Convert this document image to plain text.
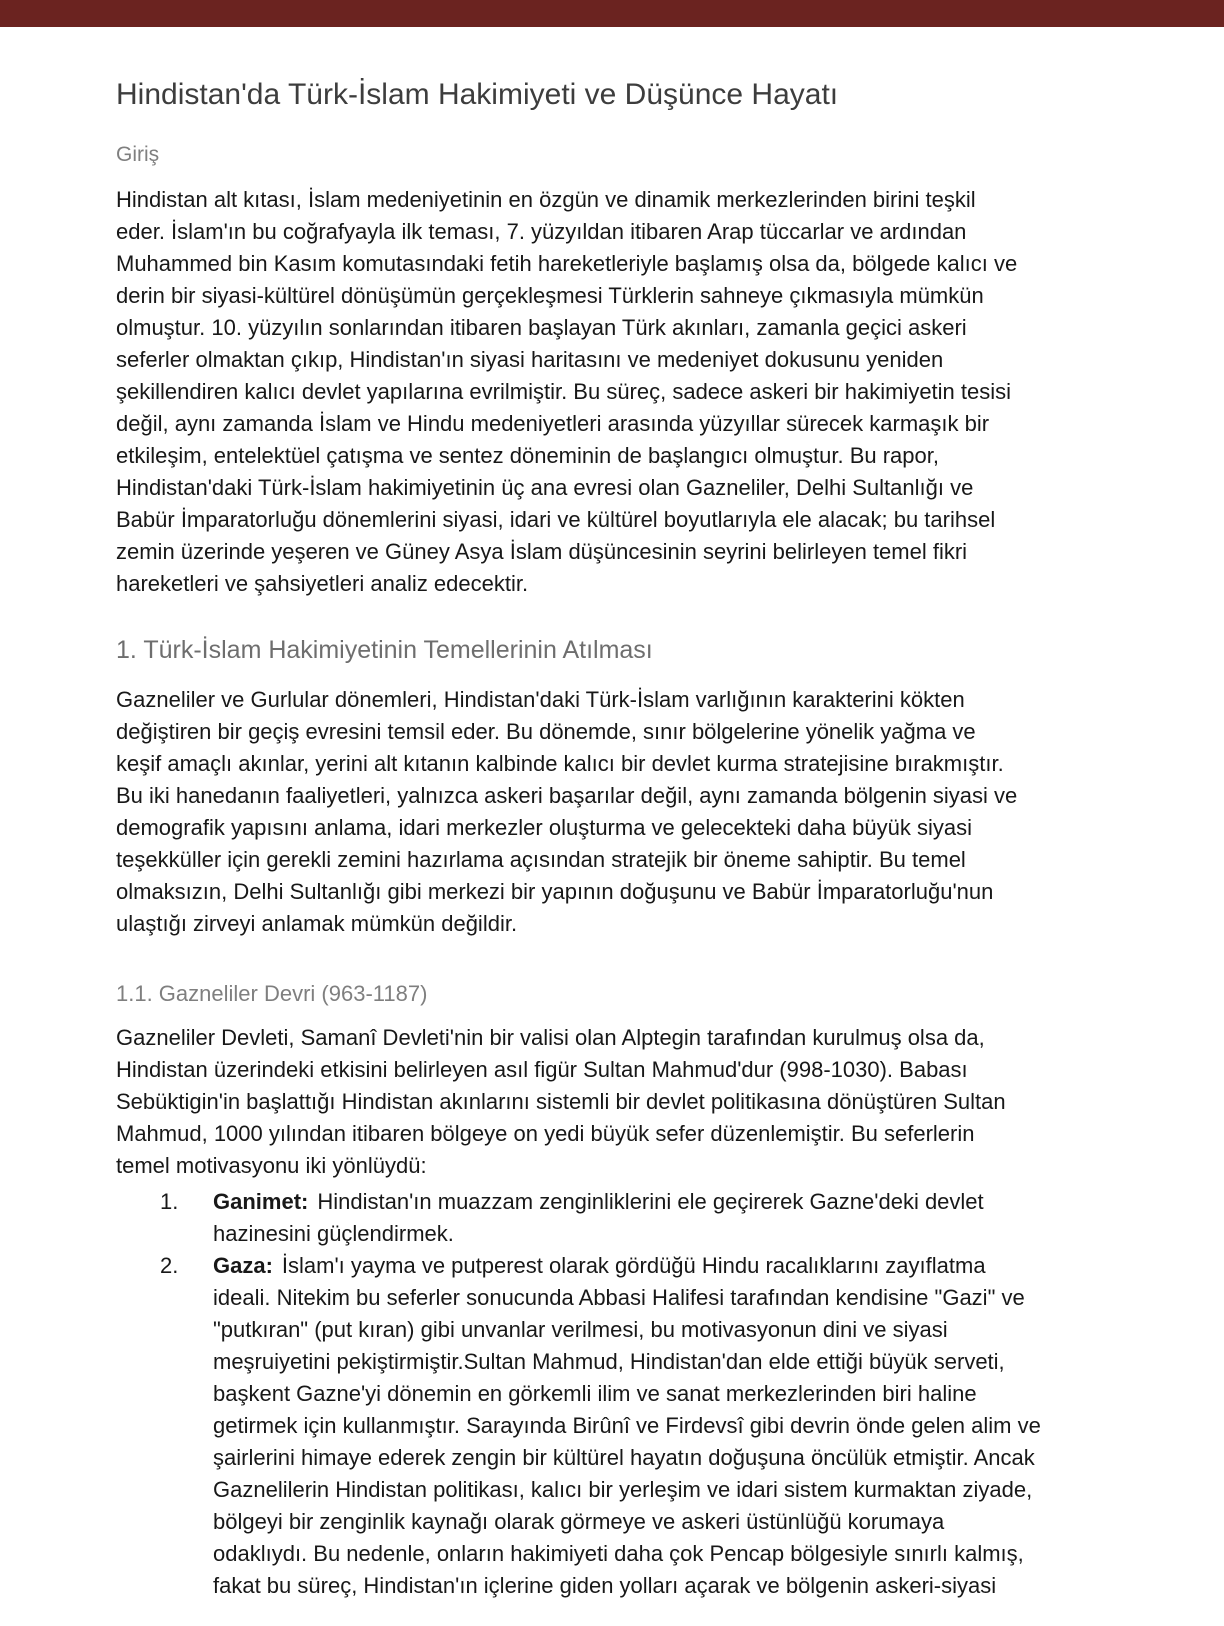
Hindistan'da Türk-İslam Hakimiyeti ve Düşünce Hayatı
Giriş
Hindistan alt kıtası, İslam medeniyetinin en özgün ve dinamik merkezlerinden birini teşkil
eder. İslam'ın bu coğrafyayla ilk teması, 7. yüzyıldan itibaren Arap tüccarlar ve ardından
Muhammed bin Kasım komutasındaki fetih hareketleriyle başlamış olsa da, bölgede kalıcı ve
derin bir siyasi-kültürel dönüşümün gerçekleşmesi Türklerin sahneye çıkmasıyla mümkün
olmuştur. 10. yüzyılın sonlarından itibaren başlayan Türk akınları, zamanla geçici askeri
seferler olmaktan çıkıp, Hindistan'ın siyasi haritasını ve medeniyet dokusunu yeniden
şekillendiren kalıcı devlet yapılarına evrilmiştir. Bu süreç, sadece askeri bir hakimiyetin tesisi
değil, aynı zamanda İslam ve Hindu medeniyetleri arasında yüzyıllar sürecek karmaşık bir
etkileşim, entelektüel çatışma ve sentez döneminin de başlangıcı olmuştur. Bu rapor,
Hindistan'daki Türk-İslam hakimiyetinin üç ana evresi olan Gazneliler, Delhi Sultanlığı ve
Babür İmparatorluğu dönemlerini siyasi, idari ve kültürel boyutlarıyla ele alacak; bu tarihsel
zemin üzerinde yeşeren ve Güney Asya İslam düşüncesinin seyrini belirleyen temel fikri
hareketleri ve şahsiyetleri analiz edecektir.
1. Türk-İslam Hakimiyetinin Temellerinin Atılması
Gazneliler ve Gurlular dönemleri, Hindistan'daki Türk-İslam varlığının karakterini kökten
değiştiren bir geçiş evresini temsil eder. Bu dönemde, sınır bölgelerine yönelik yağma ve
keşif amaçlı akınlar, yerini alt kıtanın kalbinde kalıcı bir devlet kurma stratejisine bırakmıştır.
Bu iki hanedanın faaliyetleri, yalnızca askeri başarılar değil, aynı zamanda bölgenin siyasi ve
demografik yapısını anlama, idari merkezler oluşturma ve gelecekteki daha büyük siyasi
teşekküller için gerekli zemini hazırlama açısından stratejik bir öneme sahiptir. Bu temel
olmaksızın, Delhi Sultanlığı gibi merkezi bir yapının doğuşunu ve Babür İmparatorluğu'nun
ulaştığı zirveyi anlamak mümkün değildir.
1.1. Gazneliler Devri (963-1187)
Gazneliler Devleti, Samanî Devleti'nin bir valisi olan Alptegin tarafından kurulmuş olsa da,
Hindistan üzerindeki etkisini belirleyen asıl figür Sultan Mahmud'dur (998-1030). Babası
Sebüktigin'in başlattığı Hindistan akınlarını sistemli bir devlet politikasına dönüştüren Sultan
Mahmud, 1000 yılından itibaren bölgeye on yedi büyük sefer düzenlemiştir. Bu seferlerin
temel motivasyonu iki yönlüydü:
1. Ganimet: Hindistan'ın muazzam zenginliklerini ele geçirerek Gazne'deki devlet
hazinesini güçlendirmek.
2. Gaza: İslam'ı yayma ve putperest olarak gördüğü Hindu racalıklarını zayıflatma
ideali. Nitekim bu seferler sonucunda Abbasi Halifesi tarafından kendisine "Gazi" ve
"putkıran" (put kıran) gibi unvanlar verilmesi, bu motivasyonun dini ve siyasi
meşruiyetini pekiştirmiştir.Sultan Mahmud, Hindistan'dan elde ettiği büyük serveti,
başkent Gazne'yi dönemin en görkemli ilim ve sanat merkezlerinden biri haline
getirmek için kullanmıştır. Sarayında Birûnî ve Firdevsî gibi devrin önde gelen alim ve
şairlerini himaye ederek zengin bir kültürel hayatın doğuşuna öncülük etmiştir. Ancak
Gaznelilerin Hindistan politikası, kalıcı bir yerleşim ve idari sistem kurmaktan ziyade,
bölgeyi bir zenginlik kaynağı olarak görmeye ve askeri üstünlüğü korumaya
odaklıydı. Bu nedenle, onların hakimiyeti daha çok Pencap bölgesiyle sınırlı kalmış,
fakat bu süreç, Hindistan'ın içlerine giden yolları açarak ve bölgenin askeri-siyasi
